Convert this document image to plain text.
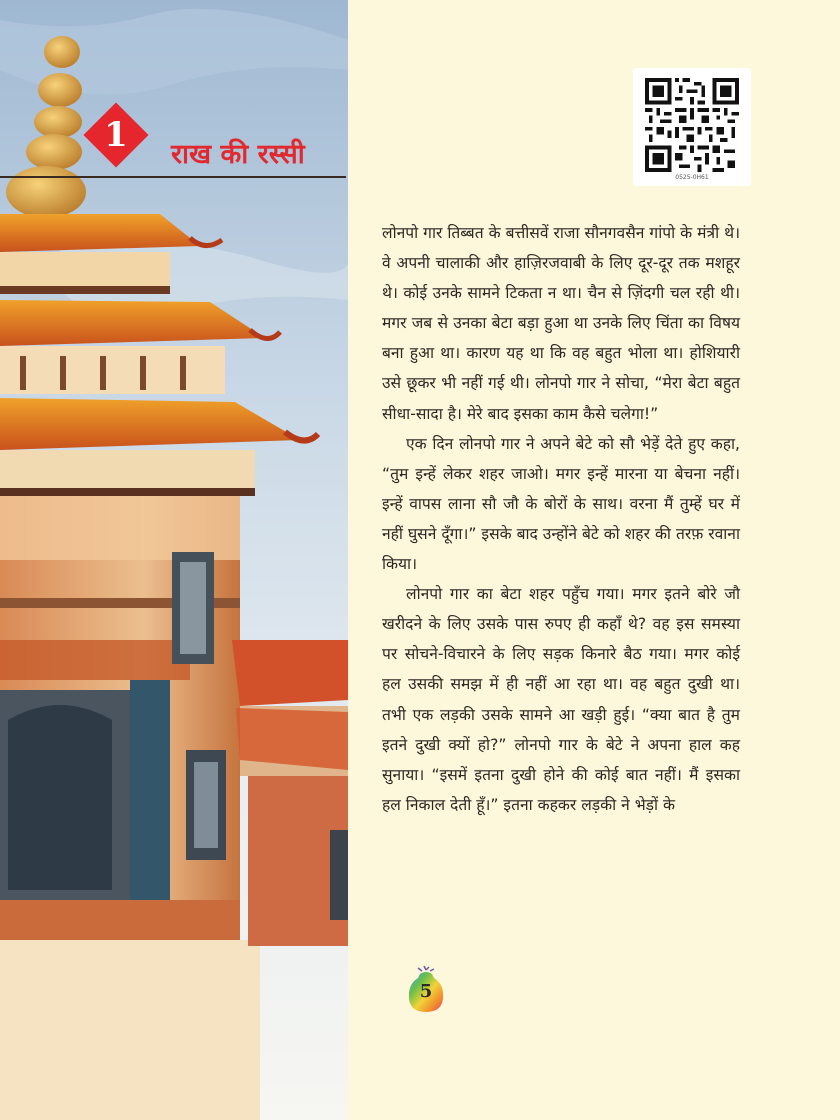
1	राख की रस्सी
0525-0H61

लोनपो गार तिब्बत के बत्तीसवें राजा सौनगवसैन गांपो के मंत्री थे। वे अपनी चालाकी और हाज़िरजवाबी के लिए दूर-दूर तक मशहूर थे। कोई उनके सामने टिकता न था। चैन से ज़िंदगी चल रही थी। मगर जब से उनका बेटा बड़ा हुआ था उनके लिए चिंता का विषय बना हुआ था। कारण यह था कि वह बहुत भोला था। होशियारी उसे छूकर भी नहीं गई थी। लोनपो गार ने सोचा, “मेरा बेटा बहुत सीधा-सादा है। मेरे बाद इसका काम कैसे चलेगा!”

एक दिन लोनपो गार ने अपने बेटे को सौ भेड़ें देते हुए कहा, “तुम इन्हें लेकर शहर जाओ। मगर इन्हें मारना या बेचना नहीं। इन्हें वापस लाना सौ जौ के बोरों के साथ। वरना मैं तुम्हें घर में नहीं घुसने दूँगा।” इसके बाद उन्होंने बेटे को शहर की तरफ़ रवाना किया।

लोनपो गार का बेटा शहर पहुँच गया। मगर इतने बोरे जौ खरीदने के लिए उसके पास रुपए ही कहाँ थे? वह इस समस्या पर सोचने-विचारने के लिए सड़क किनारे बैठ गया। मगर कोई हल उसकी समझ में ही नहीं आ रहा था। वह बहुत दुखी था। तभी एक लड़की उसके सामने आ खड़ी हुई। “क्या बात है तुम इतने दुखी क्यों हो?” लोनपो गार के बेटे ने अपना हाल कह सुनाया। “इसमें इतना दुखी होने की कोई बात नहीं। मैं इसका हल निकाल देती हूँ।” इतना कहकर लड़की ने भेड़ों के

5
